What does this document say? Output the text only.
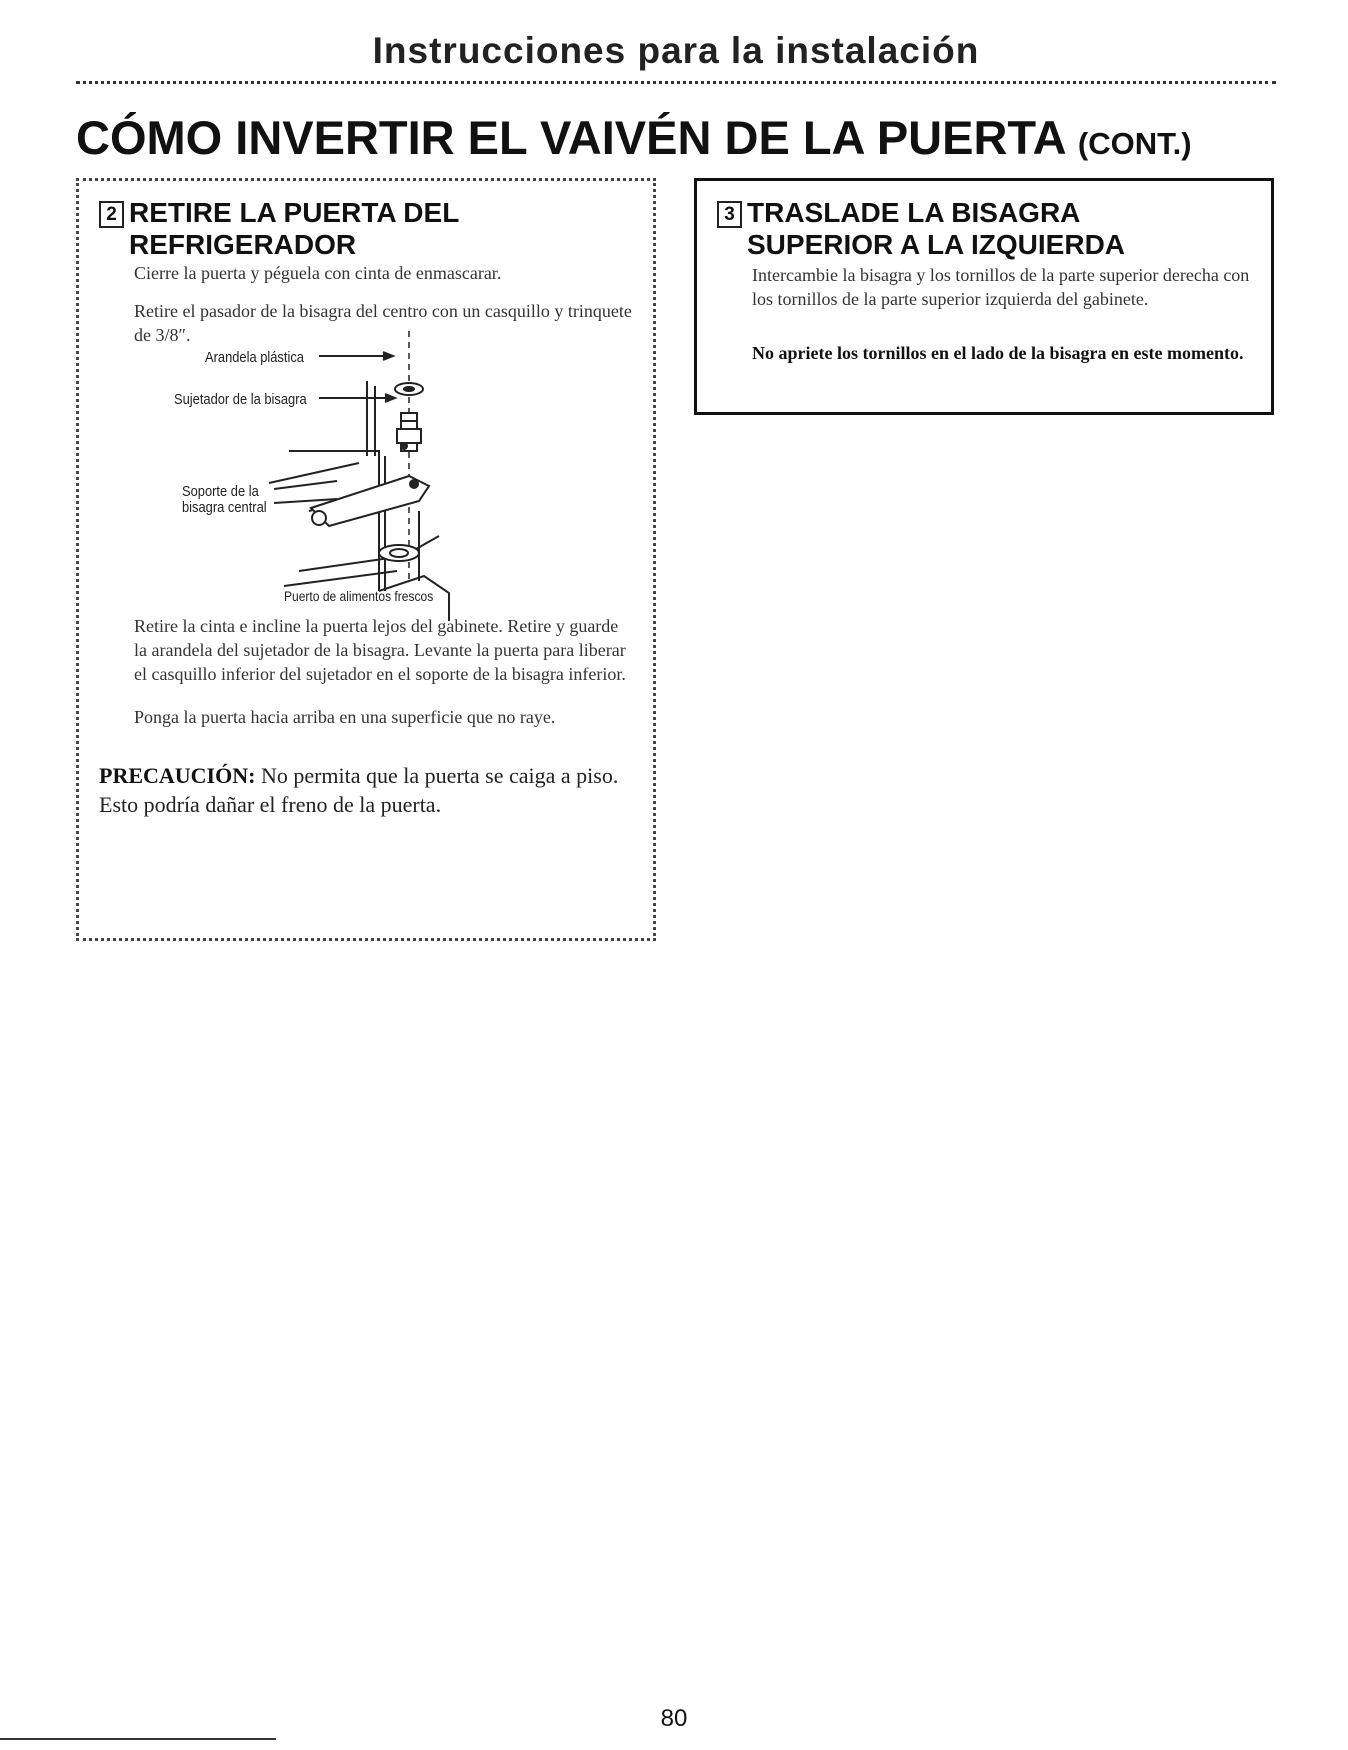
Instrucciones para la instalación
CÓMO INVERTIR EL VAIVÉN DE LA PUERTA (CONT.)
2 RETIRE LA PUERTA DEL
REFRIGERADOR

Cierre la puerta y péguela con cinta de enmascarar.

Retire el pasador de la bisagra del centro con un casquillo y trinquete de 3/8″.

Arandela plástica
Sujetador de la bisagra
Soporte de la
bisagra central
Puerto de alimentos frescos

Retire la cinta e incline la puerta lejos del gabinete. Retire y guarde la arandela del sujetador de la bisagra. Levante la puerta para liberar el casquillo inferior del sujetador en el soporte de la bisagra inferior.

Ponga la puerta hacia arriba en una superficie que no raye.

PRECAUCIÓN: No permita que la puerta se caiga a piso. Esto podría dañar el freno de la puerta.

3 TRASLADE LA BISAGRA
SUPERIOR A LA IZQUIERDA

Intercambie la bisagra y los tornillos de la parte superior derecha con los tornillos de la parte superior izquierda del gabinete.

No apriete los tornillos en el lado de la bisagra en este momento.

80
